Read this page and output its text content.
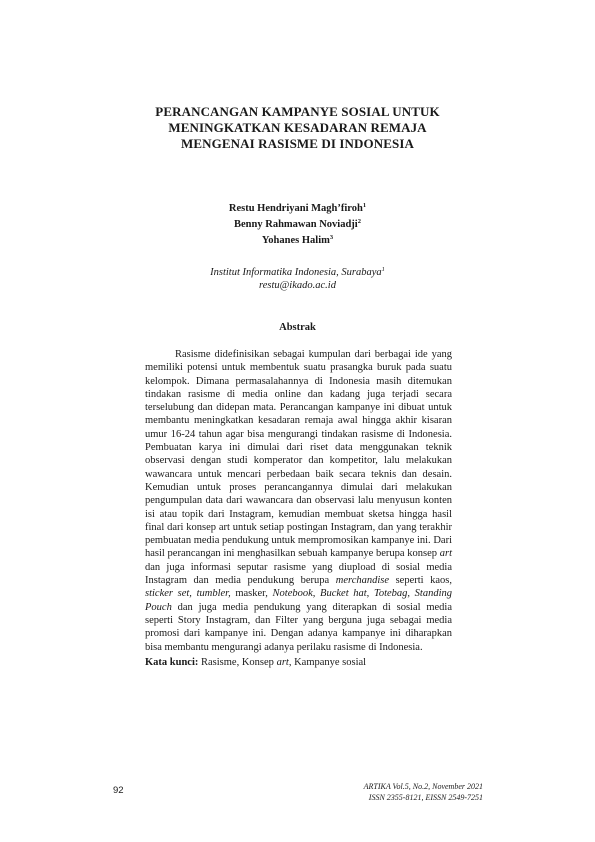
PERANCANGAN KAMPANYE SOSIAL UNTUK
MENINGKATKAN KESADARAN REMAJA
MENGENAI RASISME DI INDONESIA
Restu Hendriyani Magh’firoh$^1$
Benny Rahmawan Noviadji$^2$
Yohanes Halim$^3$
Institut Informatika Indonesia, Surabaya$^1$
restu@ikado.ac.id
Abstrak

Rasisme didefinisikan sebagai kumpulan dari berbagai ide yang memiliki potensi untuk membentuk suatu prasangka buruk pada suatu kelompok. Dimana permasalahannya di Indonesia masih ditemukan tindakan rasisme di media online dan kadang juga terjadi secara terselubung dan didepan mata. Perancangan kampanye ini dibuat untuk membantu meningkatkan kesadaran remaja awal hingga akhir kisaran umur 16-24 tahun agar bisa mengurangi tindakan rasisme di Indonesia. Pembuatan karya ini dimulai dari riset data menggunakan teknik observasi dengan studi komperator dan kompetitor, lalu melakukan wawancara untuk mencari perbedaan baik secara teknis dan desain. Kemudian untuk proses perancangannya dimulai dari melakukan pengumpulan data dari wawancara dan observasi lalu menyusun konten isi atau topik dari Instagram, kemudian membuat sketsa hingga hasil final dari konsep art untuk setiap postingan Instagram, dan yang terakhir pembuatan media pendukung untuk mempromosikan kampanye ini. Dari hasil perancangan ini menghasilkan sebuah kampanye berupa konsep art dan juga informasi seputar rasisme yang diupload di sosial media Instagram dan media pendukung berupa merchandise seperti kaos, sticker set, tumbler, masker, Notebook, Bucket hat, Totebag, Standing Pouch dan juga media pendukung yang diterapkan di sosial media seperti Story Instagram, dan Filter yang berguna juga sebagai media promosi dari kampanye ini. Dengan adanya kampanye ini diharapkan bisa membantu mengurangi adanya perilaku rasisme di Indonesia.

Kata kunci: Rasisme, Konsep art, Kampanye sosial
92	ARTIKA Vol.5, No.2, November 2021
ISSN 2355-8121, EISSN 2549-7251
